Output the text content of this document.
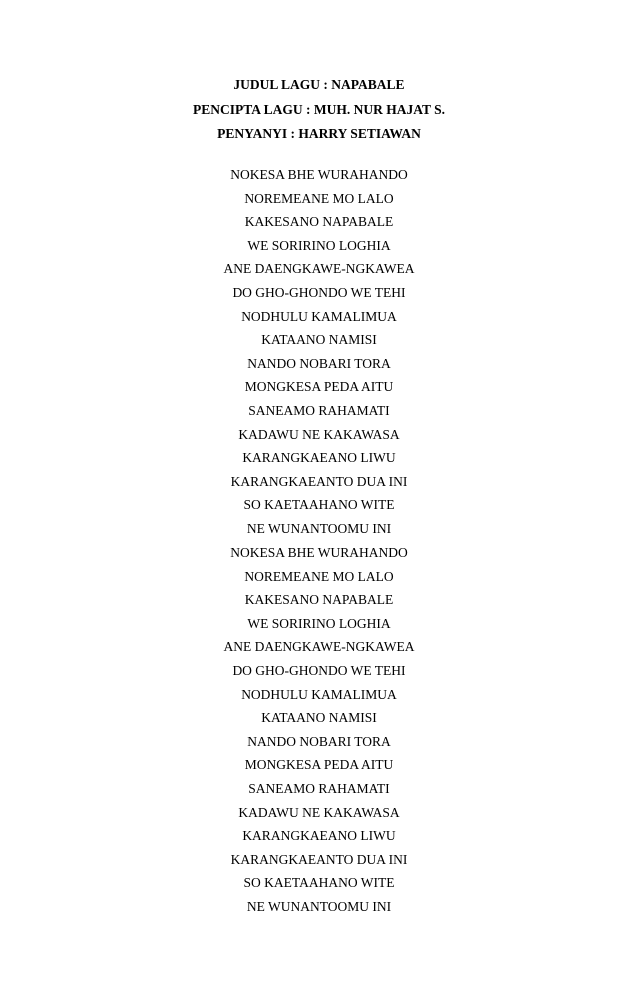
JUDUL LAGU : NAPABALE
PENCIPTA LAGU : MUH. NUR HAJAT S.
PENYANYI : HARRY SETIAWAN
NOKESA BHE WURAHANDO
NOREMEANE MO LALO
KAKESANO NAPABALE
WE SORIRINO LOGHIA
ANE DAENGKAWE-NGKAWEA
DO GHO-GHONDO WE TEHI
NODHULU KAMALIMUA
KATAANO NAMISI
NANDO NOBARI TORA
MONGKESA PEDA AITU
SANEAMO RAHAMATI
KADAWU NE KAKAWASA
KARANGKAEANO LIWU
KARANGKAEANTO DUA INI
SO KAETAAHANO WITE
NE WUNANTOOMU INI
NOKESA BHE WURAHANDO
NOREMEANE MO LALO
KAKESANO NAPABALE
WE SORIRINO LOGHIA
ANE DAENGKAWE-NGKAWEA
DO GHO-GHONDO WE TEHI
NODHULU KAMALIMUA
KATAANO NAMISI
NANDO NOBARI TORA
MONGKESA PEDA AITU
SANEAMO RAHAMATI
KADAWU NE KAKAWASA
KARANGKAEANO LIWU
KARANGKAEANTO DUA INI
SO KAETAAHANO WITE
NE WUNANTOOMU INI
